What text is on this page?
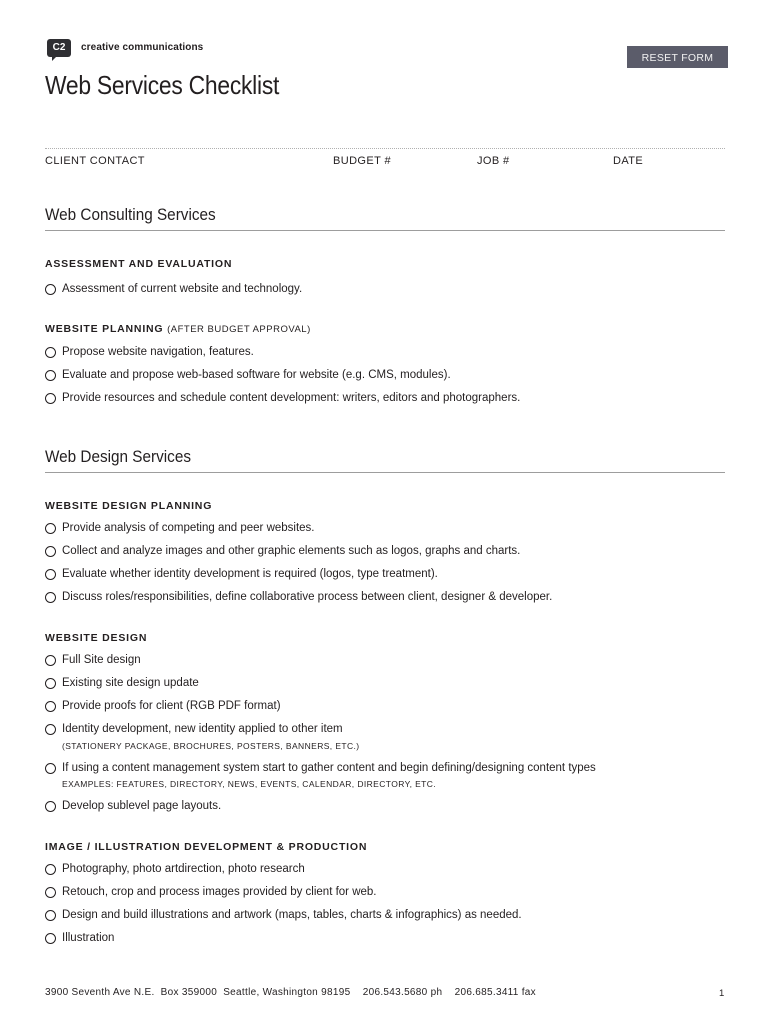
C2	creative communications
RESET FORM
Web Services Checklist
CLIENT CONTACT	BUDGET #	JOB #	DATE
Web Consulting Services
ASSESSMENT AND EVALUATION
Assessment of current website and technology.
WEBSITE PLANNING (AFTER BUDGET APPROVAL)
Propose website navigation, features.
Evaluate and propose web-based software for website (e.g. CMS, modules).
Provide resources and schedule content development: writers, editors and photographers.
Web Design Services
WEBSITE DESIGN PLANNING
Provide analysis of competing and peer websites.
Collect and analyze images and other graphic elements such as logos, graphs and charts.
Evaluate whether identity development is required (logos, type treatment).
Discuss roles/responsibilities, define collaborative process between client, designer & developer.
WEBSITE DESIGN
Full Site design
Existing site design update
Provide proofs for client (RGB PDF format)
Identity development, new identity applied to other item
(STATIONERY PACKAGE, BROCHURES, POSTERS, BANNERS, ETC.)
If using a content management system start to gather content and begin defining/designing content types
EXAMPLES: FEATURES, DIRECTORY, NEWS, EVENTS, CALENDAR, DIRECTORY, ETC.
Develop sublevel page layouts.
IMAGE / ILLUSTRATION DEVELOPMENT & PRODUCTION
Photography, photo artdirection, photo research
Retouch, crop and process images provided by client for web.
Design and build illustrations and artwork (maps, tables, charts & infographics) as needed.
Illustration
3900 Seventh Ave N.E.  Box 359000  Seattle, Washington 98195    206.543.5680 ph    206.685.3411 fax	1
